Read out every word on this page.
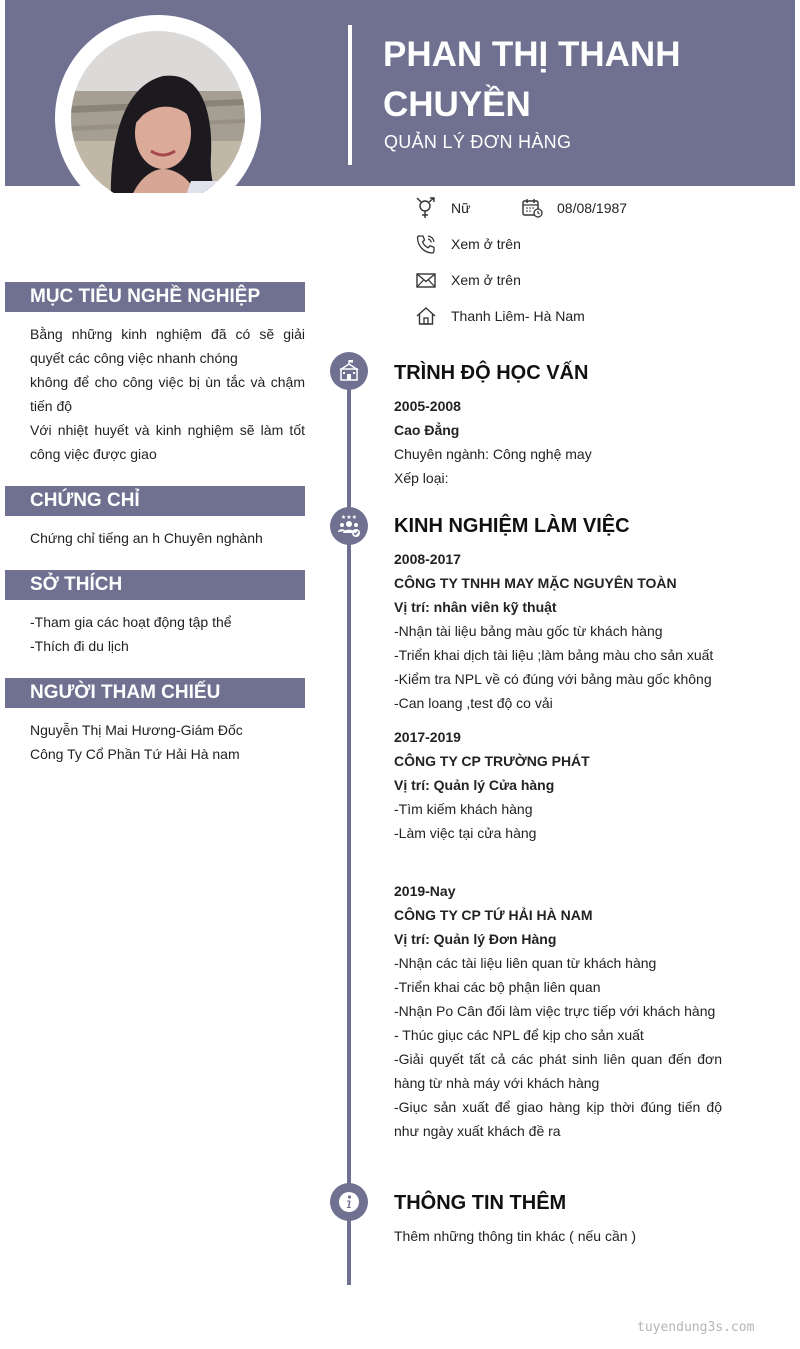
PHAN THỊ THANH CHUYỀN
QUẢN LÝ ĐƠN HÀNG
Nữ	08/08/1987
Xem ở trên
Xem ở trên
Thanh Liêm- Hà Nam
MỤC TIÊU NGHỀ NGHIỆP
Bằng những kinh nghiệm đã có sẽ giải quyết các công việc nhanh chóng
không để cho công việc bị ùn tắc và chậm tiến độ
Với nhiệt huyết và kinh nghiệm sẽ làm tốt công việc được giao
CHỨNG CHỈ
Chứng chỉ tiếng an h Chuyên nghành
SỞ THÍCH
-Tham gia các hoạt động tập thể
-Thích đi du lịch
NGƯỜI THAM CHIẾU
Nguyễn Thị Mai Hương-Giám Đốc
Công Ty Cổ Phần Tứ Hải Hà nam
TRÌNH ĐỘ HỌC VẤN
2005-2008
Cao Đẳng
Chuyên ngành: Công nghệ may
Xếp loại:
★★★ KINH NGHIỆM LÀM VIỆC
2008-2017
CÔNG TY TNHH MAY MẶC NGUYÊN TOÀN
Vị trí: nhân viên kỹ thuật
-Nhận tài liệu bảng màu gốc từ khách hàng
-Triển khai dịch tài liệu ;làm bảng màu cho sản xuất
-Kiểm tra NPL về có đúng với bảng màu gốc không
-Can loang ,test độ co vải
2017-2019
CÔNG TY CP TRƯỜNG PHÁT
Vị trí: Quản lý Cửa hàng
-Tìm kiếm khách hàng
-Làm việc tại cửa hàng
2019-Nay
CÔNG TY CP TỨ HẢI HÀ NAM
Vị trí: Quản lý Đơn Hàng
-Nhận các tài liệu liên quan từ khách hàng
-Triển khai các bộ phận liên quan
-Nhận Po Cân đối làm việc trực tiếp với khách hàng
- Thúc giục các NPL để kịp cho sản xuất
-Giải quyết tất cả các phát sinh liên quan đến đơn hàng từ nhà máy với khách hàng
-Giục sản xuất để giao hàng kịp thời đúng tiến độ như ngày xuất khách đề ra
THÔNG TIN THÊM
Thêm những thông tin khác ( nếu cần )
tuyendung3s.com
